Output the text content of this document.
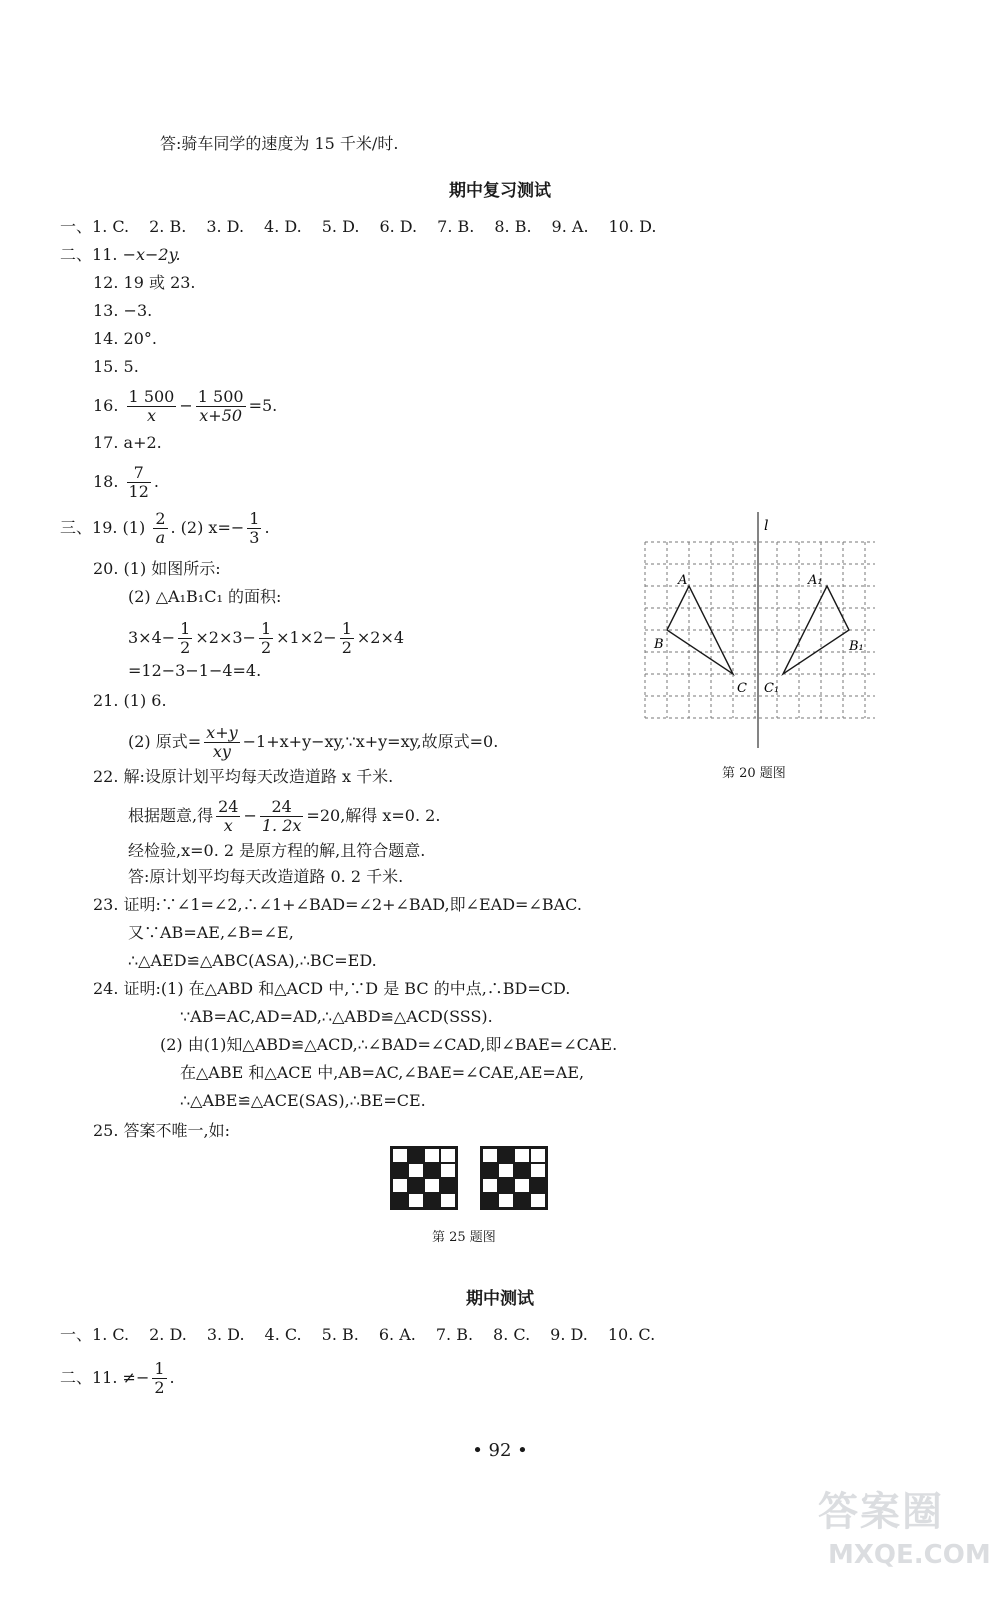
答:骑车同学的速度为 15 千米/时.
期中复习测试
一、1. C. 2. B. 3. D. 4. D. 5. D. 6. D. 7. B. 8. B. 9. A. 10. D.
二、11. −x−2y.
12. 19 或 23.
13. −3.
14. 20°.
15. 5.
16. $\frac{1 500}{x} - \frac{1 500}{x+50} =5$.
17. a+2.
18. $\frac{7}{12}$ .
三、19. $(1) \frac{2}{a}$ . (2) $x=- \frac{1}{3}$ .
20. (1) 如图所示:
(2) △A₁B₁C₁ 的面积:
$3\times 4- \frac{1}{2} \times 2\times 3- \frac{1}{2} \times 1\times 2- \frac{1}{2} \times 2\times 4$
=12−3−1−4=4.
21. (1) 6.
(2) 原式= $\frac{x+y}{xy}$ −1+x+y−xy,∵x+y=xy,故原式=0.
22. 解:设原计划平均每天改造道路 x 千米.
根据题意,得 $\frac{24}{x} - \frac{24}{1. 2x} =20$,解得 x=0. 2.
经检验,x=0. 2 是原方程的解,且符合题意.
答:原计划平均每天改造道路 0. 2 千米.
23. 证明:∵∠1=∠2,∴∠1+∠BAD=∠2+∠BAD,即∠EAD=∠BAC.
又∵AB=AE,∠B=∠E,
∴△AED≌△ABC(ASA),∴BC=ED.
24. 证明:(1) 在△ABD 和△ACD 中,∵D 是 BC 的中点,∴BD=CD.
∵AB=AC,AD=AD,∴△ABD≌△ACD(SSS).
(2) 由(1)知△ABD≌△ACD,∴∠BAD=∠CAD,即∠BAE=∠CAE.
在△ABE 和△ACE 中,AB=AC,∠BAE=∠CAE,AE=AE,
∴△ABE≌△ACE(SAS),∴BE=CE.
25. 答案不唯一,如:
l
A
B
C
A₁
B₁
C₁
第 20 题图
第 25 题图
期中测试
一、1. C. 2. D. 3. D. 4. C. 5. B. 6. A. 7. B. 8. C. 9. D. 10. C.
二、11. ≠− $\frac{1}{2}$ .
• 92 •
答案圈
MXQE.COM
